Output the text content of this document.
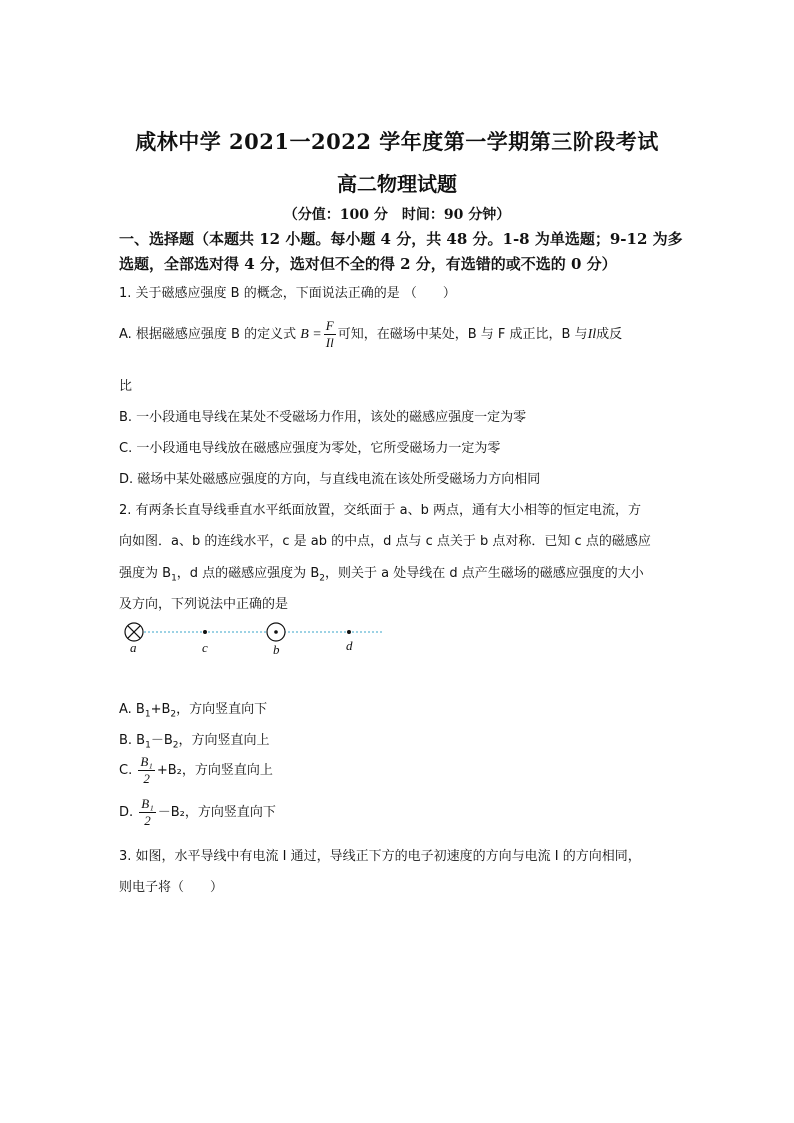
咸林中学 2021一2022 学年度第一学期第三阶段考试
高二物理试题
（分值：100 分　时间：90 分钟）
一、选择题（本题共 12 小题。每小题 4 分，共 48 分。1-8 为单选题；9-12 为多
选题，全部选对得 4 分，选对但不全的得 2 分，有选错的或不选的 0 分）
1. 关于磁感应强度 B 的概念，下面说法正确的是 （　　）
A. 根据磁感应强度 B 的定义式 $B = \frac{F}{Il}$ 可知，在磁场中某处，B 与 F 成正比，B 与Il成反
比
B. 一小段通电导线在某处不受磁场力作用，该处的磁感应强度一定为零
C. 一小段通电导线放在磁感应强度为零处，它所受磁场力一定为零
D. 磁场中某处磁感应强度的方向，与直线电流在该处所受磁场力方向相同
2. 有两条长直导线垂直水平纸面放置，交纸面于 a、b 两点，通有大小相等的恒定电流，方
向如图．a、b 的连线水平，c 是 ab 的中点，d 点与 c 点关于 b 点对称．已知 c 点的磁感应
强度为 $B_1$，d 点的磁感应强度为 $B_2$，则关于 a 处导线在 d 点产生磁场的磁感应强度的大小
及方向，下列说法中正确的是
a	c	b	d
A. $B_1+B_2$，方向竖直向下
B. $B_1-B_2$，方向竖直向上
C. $\frac{\text{B₁}}{2} +B_2$，方向竖直向上
D. $\frac{\text{B₁}}{2} -B_2$，方向竖直向下
3. 如图，水平导线中有电流 I 通过，导线正下方的电子初速度的方向与电流 I 的方向相同，
则电子将（　　）
